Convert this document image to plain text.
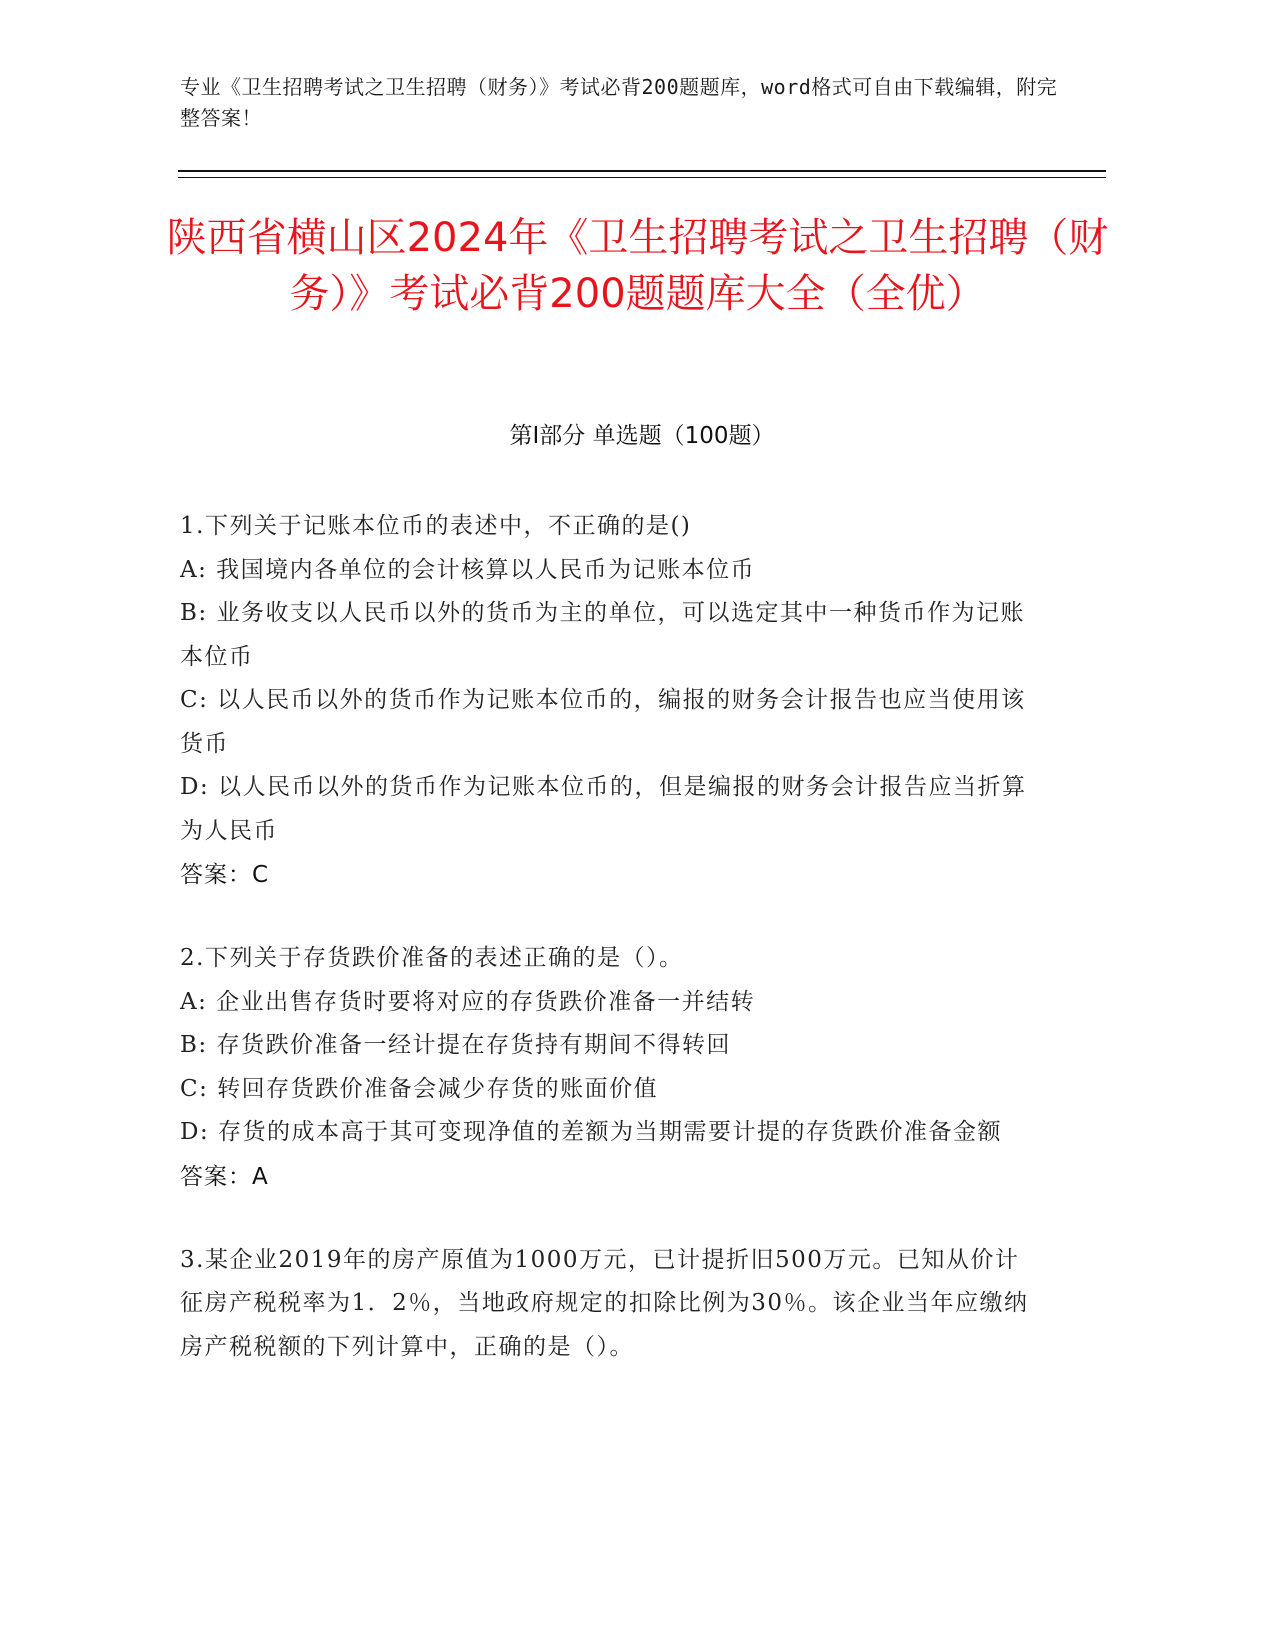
专业《卫生招聘考试之卫生招聘（财务）》考试必背200题题库，word格式可自由下载编辑，附完整答案！
陕西省横山区2024年《卫生招聘考试之卫生招聘（财务）》考试必背200题题库大全（全优）
第Ⅰ部分 单选题（100题）
1.下列关于记账本位币的表述中，不正确的是()
A: 我国境内各单位的会计核算以人民币为记账本位币
B: 业务收支以人民币以外的货币为主的单位，可以选定其中一种货币作为记账本位币
C: 以人民币以外的货币作为记账本位币的，编报的财务会计报告也应当使用该货币
D: 以人民币以外的货币作为记账本位币的，但是编报的财务会计报告应当折算为人民币
答案：C
2.下列关于存货跌价准备的表述正确的是（）。
A: 企业出售存货时要将对应的存货跌价准备一并结转
B: 存货跌价准备一经计提在存货持有期间不得转回
C: 转回存货跌价准备会减少存货的账面价值
D: 存货的成本高于其可变现净值的差额为当期需要计提的存货跌价准备金额
答案：A
3.某企业2019年的房产原值为1000万元，已计提折旧500万元。已知从价计征房产税税率为1．2％，当地政府规定的扣除比例为30％。该企业当年应缴纳房产税税额的下列计算中，正确的是（）。
